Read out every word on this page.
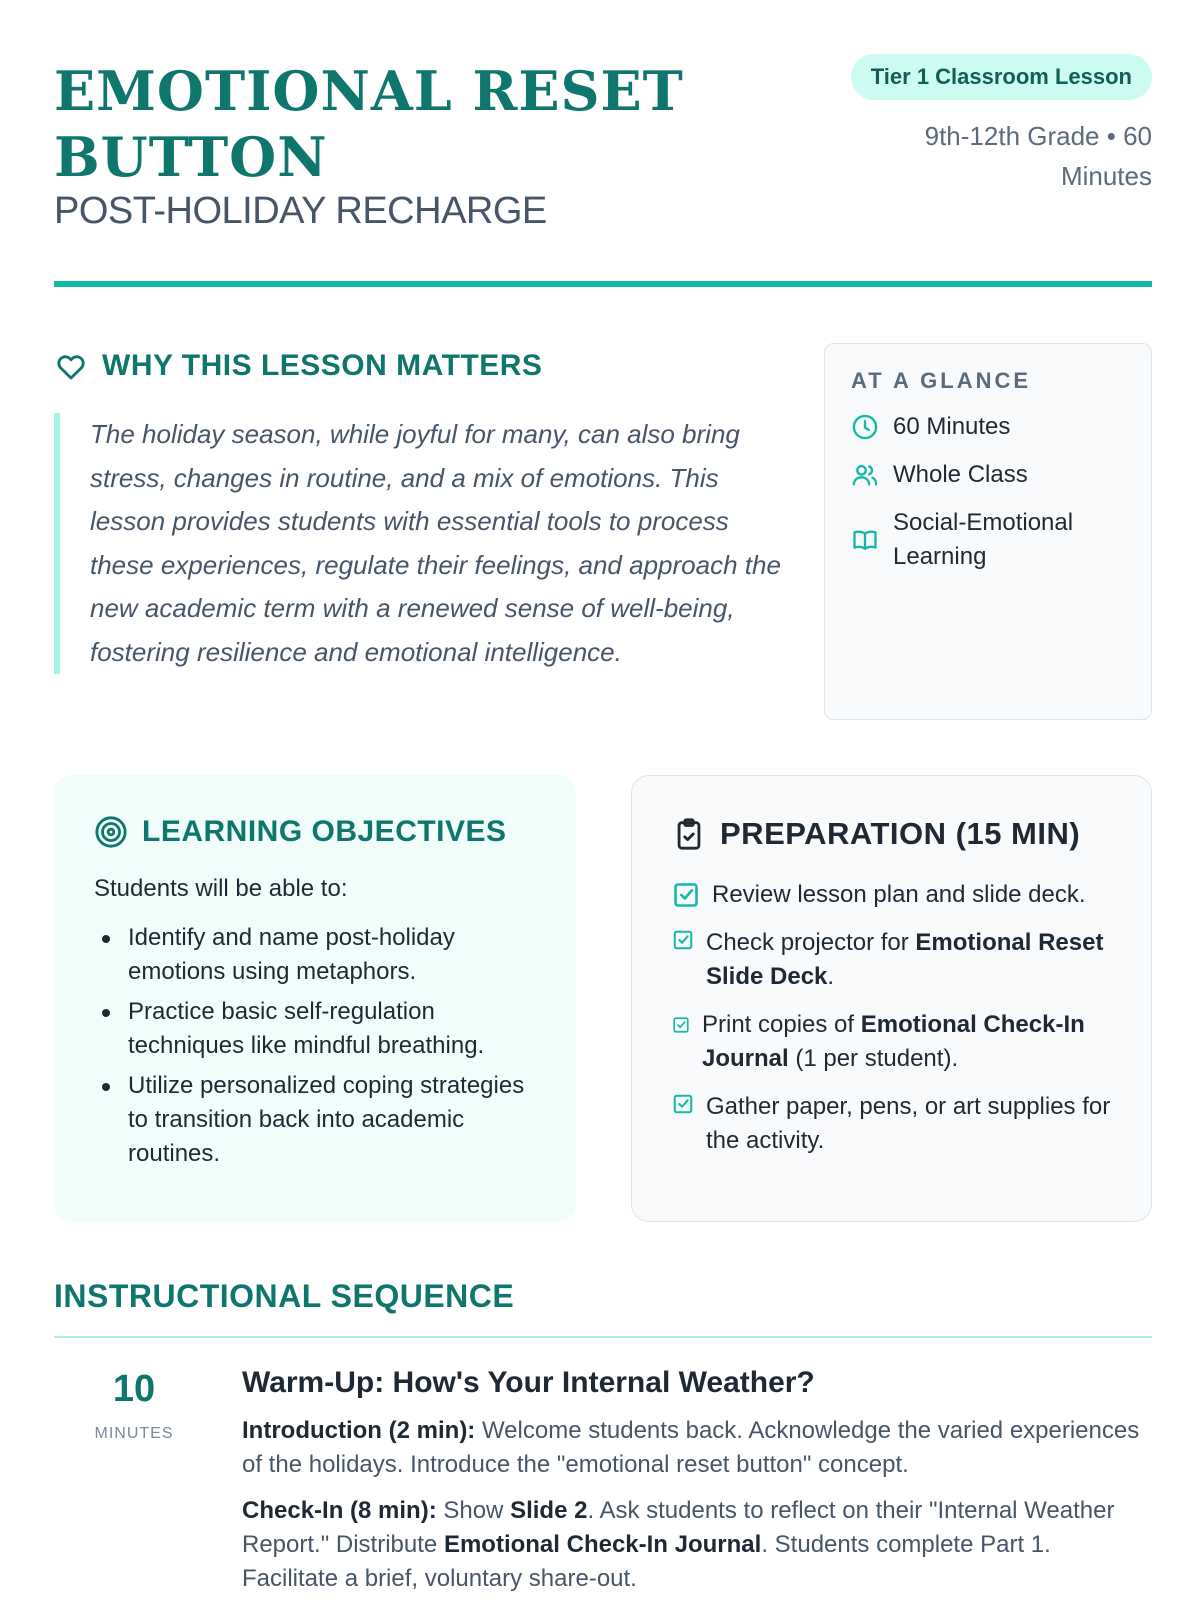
EMOTIONAL RESET BUTTON
POST-HOLIDAY RECHARGE
Tier 1 Classroom Lesson
9th-12th Grade • 60 Minutes
WHY THIS LESSON MATTERS
The holiday season, while joyful for many, can also bring stress, changes in routine, and a mix of emotions. This lesson provides students with essential tools to process these experiences, regulate their feelings, and approach the new academic term with a renewed sense of well-being, fostering resilience and emotional intelligence.
AT A GLANCE
60 Minutes
Whole Class
Social-Emotional Learning
LEARNING OBJECTIVES
Students will be able to:
Identify and name post-holiday emotions using metaphors.
Practice basic self-regulation techniques like mindful breathing.
Utilize personalized coping strategies to transition back into academic routines.
PREPARATION (15 MIN)
Review lesson plan and slide deck.
Check projector for Emotional Reset Slide Deck.
Print copies of Emotional Check-In Journal (1 per student).
Gather paper, pens, or art supplies for the activity.
INSTRUCTIONAL SEQUENCE
10
MINUTES
Warm-Up: How's Your Internal Weather?
Introduction (2 min): Welcome students back. Acknowledge the varied experiences of the holidays. Introduce the "emotional reset button" concept.
Check-In (8 min): Show Slide 2. Ask students to reflect on their "Internal Weather Report." Distribute Emotional Check-In Journal. Students complete Part 1. Facilitate a brief, voluntary share-out.
